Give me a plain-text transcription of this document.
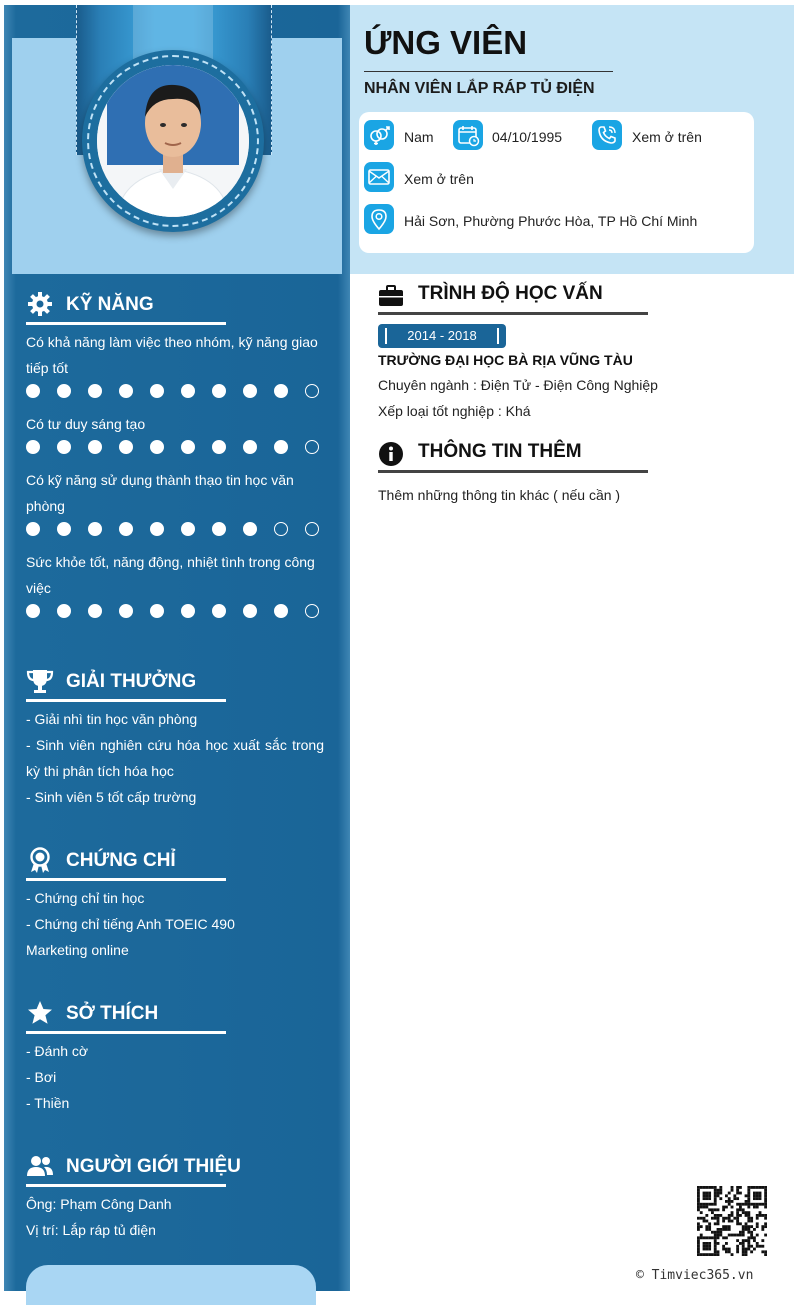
KỸ NĂNG
Có khả năng làm việc theo nhóm, kỹ năng giao tiếp tốt
Có tư duy sáng tạo
Có kỹ năng sử dụng thành thạo tin học văn phòng
Sức khỏe tốt, năng động, nhiệt tình trong công việc
GIẢI THƯỞNG
- Giải nhì tin học văn phòng
- Sinh viên nghiên cứu hóa học xuất sắc trong kỳ thi phân tích hóa học
- Sinh viên 5 tốt cấp trường
CHỨNG CHỈ
- Chứng chỉ tin học
- Chứng chỉ tiếng Anh TOEIC 490
Marketing online
SỞ THÍCH
- Đánh cờ
- Bơi
- Thiền
NGƯỜI GIỚI THIỆU
Ông: Phạm Công Danh
Vị trí: Lắp ráp tủ điện
ỨNG VIÊN
NHÂN VIÊN LẮP RÁP TỦ ĐIỆN
Nam	04/10/1995	Xem ở trên
Xem ở trên
Hải Sơn, Phường Phước Hòa, TP Hồ Chí Minh
TRÌNH ĐỘ HỌC VẤN
2014 - 2018
TRƯỜNG ĐẠI HỌC BÀ RỊA VŨNG TÀU
Chuyên ngành : Điện Tử - Điện Công Nghiệp
Xếp loại tốt nghiệp : Khá
THÔNG TIN THÊM
Thêm những thông tin khác ( nếu cần )
© Timviec365.vn
